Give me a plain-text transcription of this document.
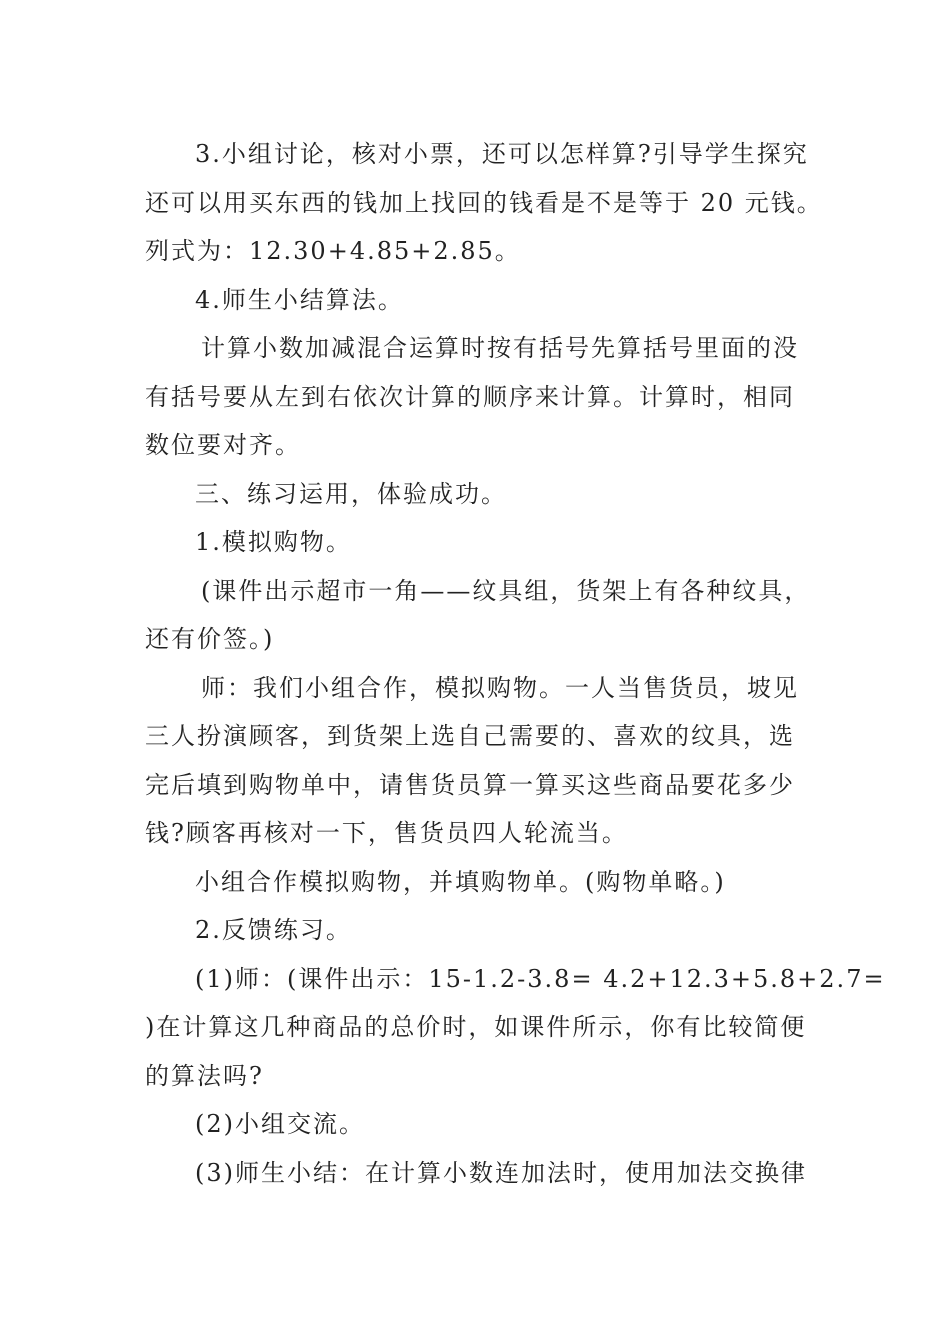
3.小组讨论，核对小票，还可以怎样算?引导学生探究
还可以用买东西的钱加上找回的钱看是不是等于 20 元钱。
列式为：12.30+4.85+2.85。
4.师生小结算法。
计算小数加减混合运算时按有括号先算括号里面的没
有括号要从左到右依次计算的顺序来计算。计算时，相同
数位要对齐。
三、练习运用，体验成功。
1.模拟购物。
(课件出示超市一角——纹具组，货架上有各种纹具，
还有价签。)
师：我们小组合作，模拟购物。一人当售货员，坡见
三人扮演顾客，到货架上选自己需要的、喜欢的纹具，选
完后填到购物单中，请售货员算一算买这些商品要花多少
钱?顾客再核对一下，售货员四人轮流当。
小组合作模拟购物，并填购物单。(购物单略。)
2.反馈练习。
(1)师：(课件出示：15-1.2-3.8= 4.2+12.3+5.8+2.7=
)在计算这几种商品的总价时，如课件所示，你有比较简便
的算法吗?
(2)小组交流。
(3)师生小结：在计算小数连加法时，使用加法交换律
